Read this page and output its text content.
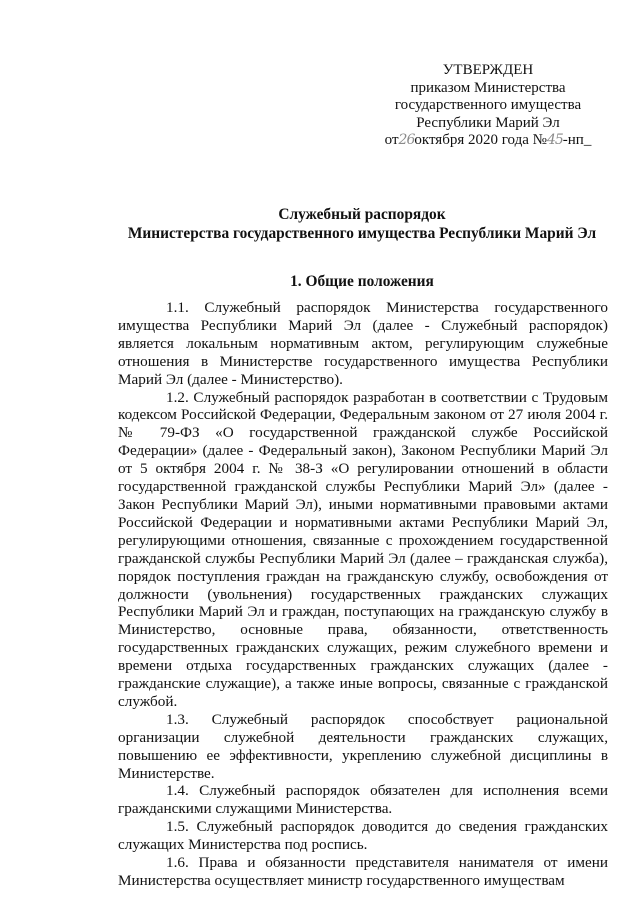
УТВЕРЖДЕН
приказом Министерства
государственного имущества
Республики Марий Эл
от26октября 2020 года №45-нп_
Служебный распорядок
Министерства государственного имущества Республики Марий Эл
1. Общие положения

1.1. Служебный распорядок Министерства государственного имущества Республики Марий Эл (далее - Служебный распорядок) является локальным нормативным актом, регулирующим служебные отношения в Министерстве государственного имущества Республики Марий Эл (далее - Министерство).

1.2. Служебный распорядок разработан в соответствии с Трудовым кодексом Российской Федерации, Федеральным законом от 27 июля 2004 г. № 79-ФЗ «О государственной гражданской службе Российской Федерации» (далее - Федеральный закон), Законом Республики Марий Эл от 5 октября 2004 г. № 38-З «О регулировании отношений в области государственной гражданской службы Республики Марий Эл» (далее - Закон Республики Марий Эл), иными нормативными правовыми актами Российской Федерации и нормативными актами Республики Марий Эл, регулирующими отношения, связанные с прохождением государственной гражданской службы Республики Марий Эл (далее – гражданская служба), порядок поступления граждан на гражданскую службу, освобождения от должности (увольнения) государственных гражданских служащих Республики Марий Эл и граждан, поступающих на гражданскую службу в Министерство, основные права, обязанности, ответственность государственных гражданских служащих, режим служебного времени и времени отдыха государственных гражданских служащих (далее - гражданские служащие), а также иные вопросы, связанные с гражданской службой.

1.3. Служебный распорядок способствует рациональной организации служебной деятельности гражданских служащих, повышению ее эффективности, укреплению служебной дисциплины в Министерстве.

1.4. Служебный распорядок обязателен для исполнения всеми гражданскими служащими Министерства.

1.5. Служебный распорядок доводится до сведения гражданских служащих Министерства под роспись.

1.6. Права и обязанности представителя нанимателя от имени Министерства осуществляет министр государственного имуществам
